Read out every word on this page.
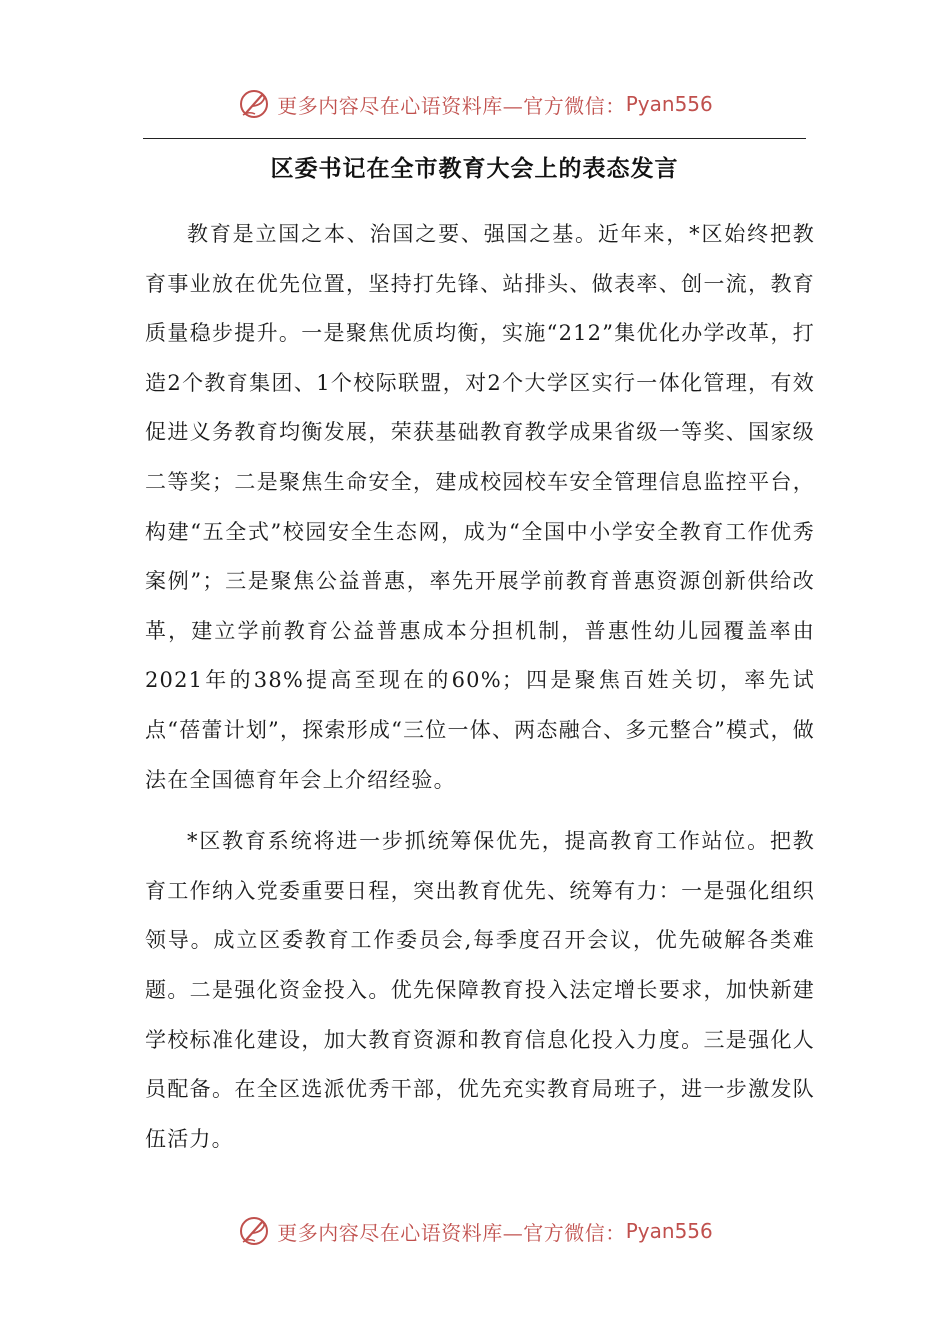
更多内容尽在心语资料库—官方微信： Pyan556
区委书记在全市教育大会上的表态发言

教育是立国之本、治国之要、强国之基。近年来，*区始终把教育事业放在优先位置，坚持打先锋、站排头、做表率、创一流，教育质量稳步提升。一是聚焦优质均衡，实施“212”集优化办学改革，打造2个教育集团、1个校际联盟，对2个大学区实行一体化管理，有效促进义务教育均衡发展，荣获基础教育教学成果省级一等奖、国家级二等奖；二是聚焦生命安全，建成校园校车安全管理信息监控平台，构建“五全式”校园安全生态网，成为“全国中小学安全教育工作优秀案例”；三是聚焦公益普惠，率先开展学前教育普惠资源创新供给改革，建立学前教育公益普惠成本分担机制，普惠性幼儿园覆盖率由2021年的38%提高至现在的60%；四是聚焦百姓关切，率先试点“蓓蕾计划”，探索形成“三位一体、两态融合、多元整合”模式，做法在全国德育年会上介绍经验。

*区教育系统将进一步抓统筹保优先，提高教育工作站位。把教育工作纳入党委重要日程，突出教育优先、统筹有力：一是强化组织领导。成立区委教育工作委员会,每季度召开会议，优先破解各类难题。二是强化资金投入。优先保障教育投入法定增长要求，加快新建学校标准化建设，加大教育资源和教育信息化投入力度。三是强化人员配备。在全区选派优秀干部，优先充实教育局班子，进一步激发队伍活力。

更多内容尽在心语资料库—官方微信： Pyan556
